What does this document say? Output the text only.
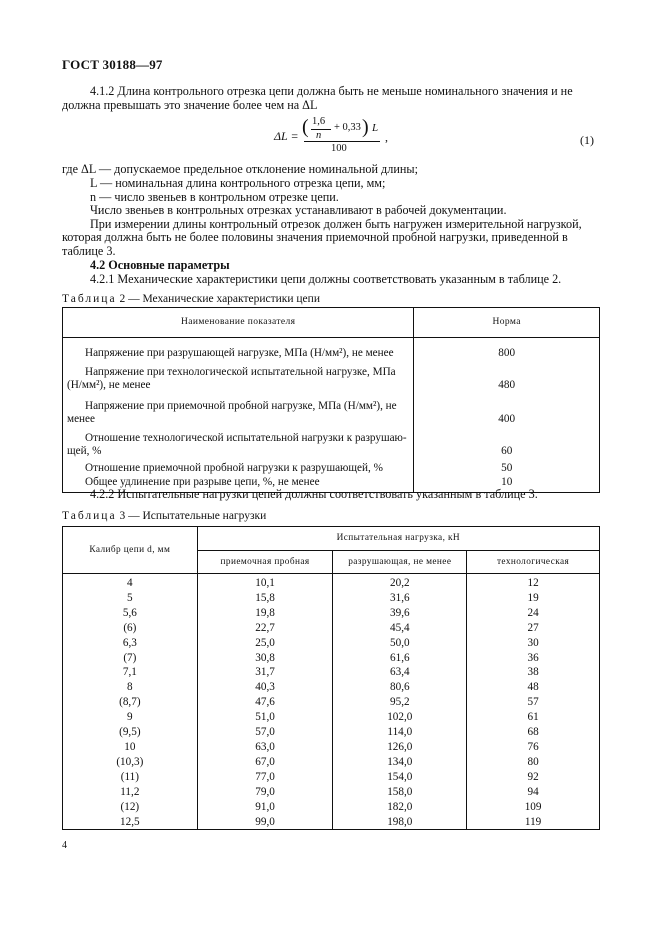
ГОСТ 30188—97
4.1.2 Длина контрольного отрезка цепи должна быть не меньше номинального значения и не
должна превышать это значение более чем на ΔL
ΔL = ( 1,6
n
+ 0,33 ) L
100
,	(1)
где ΔL — допускаемое предельное отклонение номинальной длины;
L — номинальная длина контрольного отрезка цепи, мм;
n — число звеньев в контрольном отрезке цепи.
Число звеньев в контрольных отрезках устанавливают в рабочей документации.
При измерении длины контрольный отрезок должен быть нагружен измерительной нагрузкой,
которая должна быть не более половины значения приемочной пробной нагрузки, приведенной в
таблице 3.
4.2 Основные параметры
4.2.1 Механические характеристики цепи должны соответствовать указанным в таблице 2.
Таблица 2 — Механические характеристики цепи
Наименование показателя	Норма
Напряжение при разрушающей нагрузке, МПа (Н/мм²), не менее	800

Напряжение при технологической испытательной нагрузке, МПа
(Н/мм²), не менее	480

Напряжение при приемочной пробной нагрузке, МПа (Н/мм²), не
менее	400

Отношение технологической испытательной нагрузки к разрушаю-
щей, %	60
Отношение приемочной пробной нагрузки к разрушающей, %	50
Общее удлинение при разрыве цепи, %, не менее	10
4.2.2 Испытательные нагрузки цепей должны соответствовать указанным в таблице 3.
Таблица 3 — Испытательные нагрузки
Калибр цепи d, мм	Испытательная нагрузка, кН		
	приемочная пробная	разрушающая, не менее	технологическая
4	10,1	20,2	12
5	15,8	31,6	19
5,6	19,8	39,6	24
(6)	22,7	45,4	27
6,3	25,0	50,0	30
(7)	30,8	61,6	36
7,1	31,7	63,4	38
8	40,3	80,6	48
(8,7)	47,6	95,2	57
9	51,0	102,0	61
(9,5)	57,0	114,0	68
10	63,0	126,0	76
(10,3)	67,0	134,0	80
(11)	77,0	154,0	92
11,2	79,0	158,0	94
(12)	91,0	182,0	109
12,5	99,0	198,0	119
4
